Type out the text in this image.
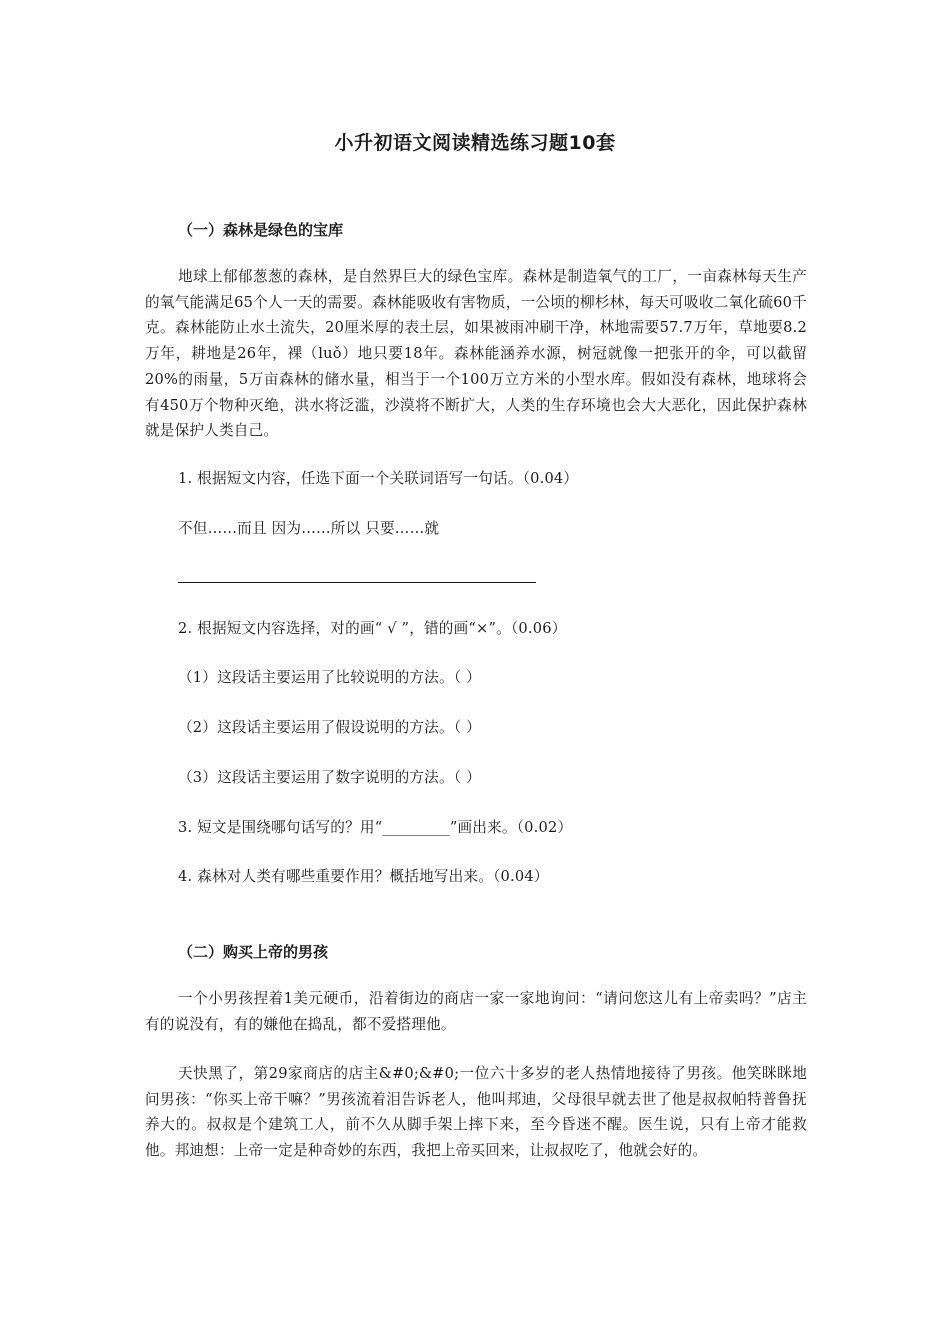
小升初语文阅读精选练习题10套
（一）森林是绿色的宝库
地球上郁郁葱葱的森林，是自然界巨大的绿色宝库。森林是制造氧气的工厂，一亩森林每天生产的氧气能满足65个人一天的需要。森林能吸收有害物质，一公顷的柳杉林，每天可吸收二氧化硫60千克。森林能防止水土流失，20厘米厚的表土层，如果被雨冲刷干净，林地需要57.7万年，草地要8.2万年，耕地是26年，裸（luǒ）地只要18年。森林能涵养水源，树冠就像一把张开的伞，可以截留20%的雨量，5万亩森林的储水量，相当于一个100万立方米的小型水库。假如没有森林，地球将会有450万个物种灭绝，洪水将泛滥，沙漠将不断扩大，人类的生存环境也会大大恶化，因此保护森林就是保护人类自己。
1. 根据短文内容，任选下面一个关联词语写一句话。（0.04）
不但……而且 因为……所以 只要……就
2. 根据短文内容选择，对的画“ √ ”，错的画“×”。（0.06）
（1）这段话主要运用了比较说明的方法。（ ）
（2）这段话主要运用了假设说明的方法。（ ）
（3）这段话主要运用了数字说明的方法。（ ）
3. 短文是围绕哪句话写的？用“_________”画出来。（0.02）
4. 森林对人类有哪些重要作用？概括地写出来。（0.04）
（二）购买上帝的男孩
一个小男孩捏着1美元硬币，沿着街边的商店一家一家地询问：“请问您这儿有上帝卖吗？”店主有的说没有，有的嫌他在捣乱，都不爱搭理他。
天快黑了，第29家商店的店主&#0;&#0;一位六十多岁的老人热情地接待了男孩。他笑眯眯地问男孩：“你买上帝干嘛？”男孩流着泪告诉老人，他叫邦迪，父母很早就去世了他是叔叔帕特普鲁抚养大的。叔叔是个建筑工人，前不久从脚手架上摔下来，至今昏迷不醒。医生说，只有上帝才能救他。邦迪想：上帝一定是种奇妙的东西，我把上帝买回来，让叔叔吃了，他就会好的。
